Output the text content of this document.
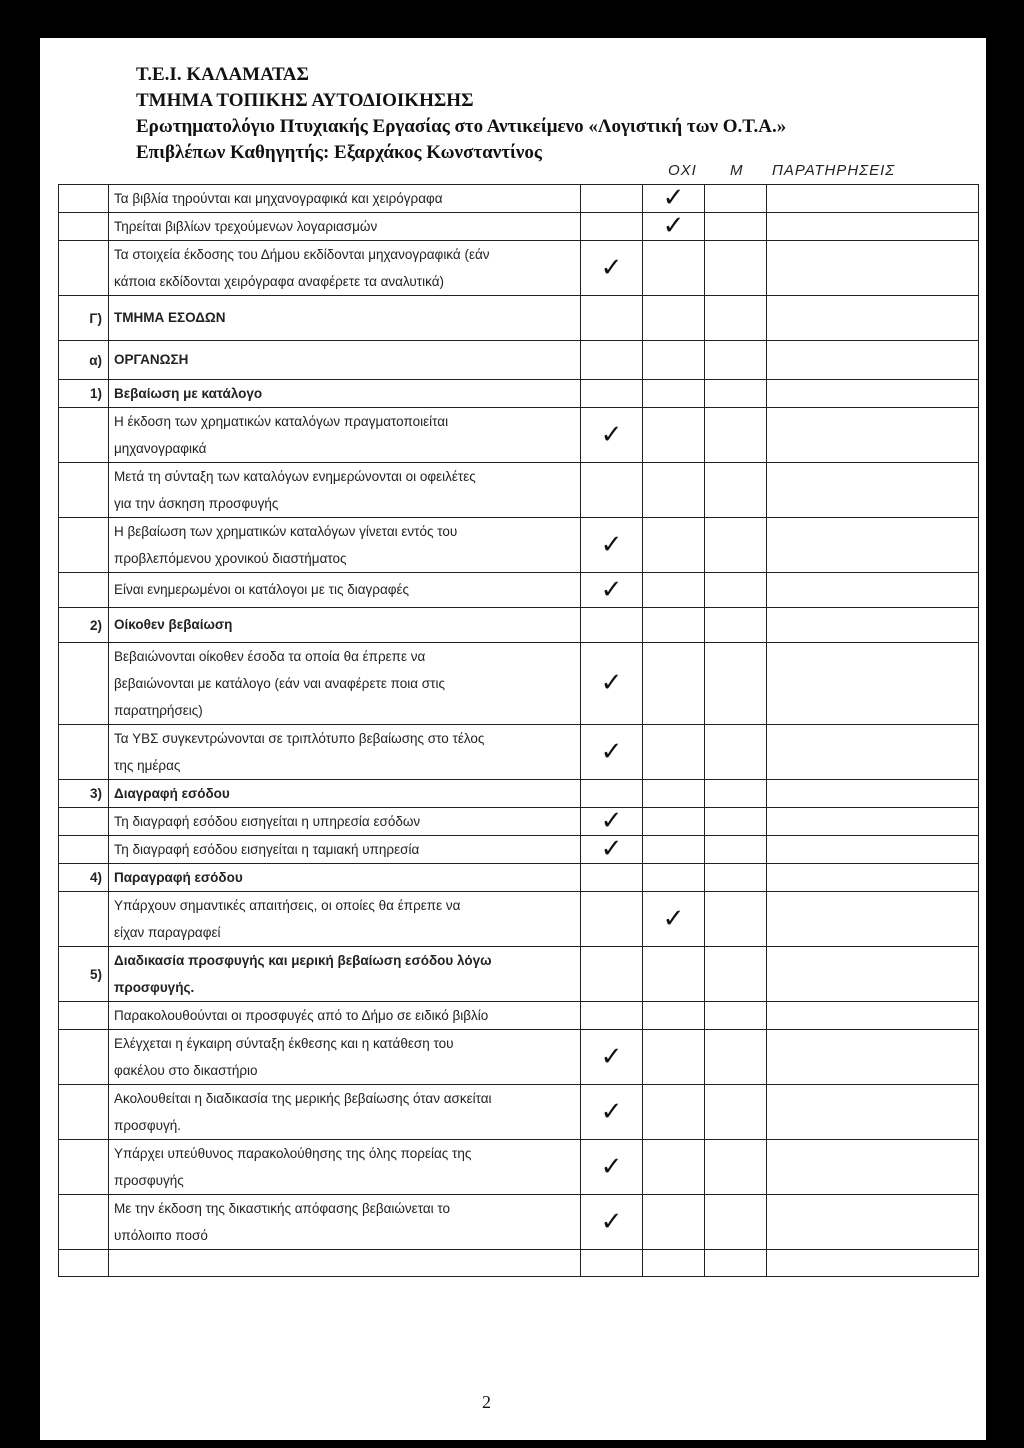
Τ.Ε.Ι. ΚΑΛΑΜΑΤΑΣ
ΤΜΗΜΑ ΤΟΠΙΚΗΣ ΑΥΤΟΔΙΟΙΚΗΣΗΣ
Ερωτηματολόγιο Πτυχιακής Εργασίας στο Αντικείμενο «Λογιστική των Ο.Τ.Α.»
Επιβλέπων Καθηγητής: Εξαρχάκος Κωνσταντίνος
ΟΧΙ Μ ΠΑΡΑΤΗΡΗΣΕΙΣ
	Τα βιβλία τηρούνται και μηχανογραφικά και χειρόγραφα		✓		
	Τηρείται βιβλίων τρεχούμενων λογαριασμών		✓		

	Τα στοιχεία έκδοσης του Δήμου εκδίδονται μηχανογραφικά (εάν
κάποια εκδίδονται χειρόγραφα αναφέρετε τα αναλυτικά)	✓			
Γ)	ΤΜΗΜΑ ΕΣΟΔΩΝ				
α)	ΟΡΓΑΝΩΣΗ				
1)	Βεβαίωση με κατάλογο				

	Η έκδοση των χρηματικών καταλόγων πραγματοποιείται
μηχανογραφικά	✓			

	Μετά τη σύνταξη των καταλόγων ενημερώνονται οι οφειλέτες
για την άσκηση προσφυγής				

	Η βεβαίωση των χρηματικών καταλόγων γίνεται εντός του
προβλεπόμενου χρονικού διαστήματος	✓			
	Είναι ενημερωμένοι οι κατάλογοι με τις διαγραφές	✓			
2)	Οίκοθεν βεβαίωση				

	Βεβαιώνονται οίκοθεν έσοδα τα οποία θα έπρεπε να
βεβαιώνονται με κατάλογο (εάν ναι αναφέρετε ποια στις
παρατηρήσεις)	✓			

	Τα ΥΒΣ συγκεντρώνονται σε τριπλότυπο βεβαίωσης στο τέλος
της ημέρας	✓			
3)	Διαγραφή εσόδου				
	Τη διαγραφή εσόδου εισηγείται η υπηρεσία εσόδων	✓			
	Τη διαγραφή εσόδου εισηγείται η ταμιακή υπηρεσία	✓			
4)	Παραγραφή εσόδου				

	Υπάρχουν σημαντικές απαιτήσεις, οι οποίες θα έπρεπε να
είχαν παραγραφεί		✓		
5)	Διαδικασία προσφυγής και μερική βεβαίωση εσόδου λόγω
προσφυγής.				

	Παρακολουθούνται οι προσφυγές από το Δήμο σε ειδικό βιβλίο				

	Ελέγχεται η έγκαιρη σύνταξη έκθεσης και η κατάθεση του
φακέλου στο δικαστήριο	✓			

	Ακολουθείται η διαδικασία της μερικής βεβαίωσης όταν ασκείται
προσφυγή.	✓			

	Υπάρχει υπεύθυνος παρακολούθησης της όλης πορείας της
προσφυγής	✓			

	Με την έκδοση της δικαστικής απόφασης βεβαιώνεται το
υπόλοιπο ποσό	✓			

2
